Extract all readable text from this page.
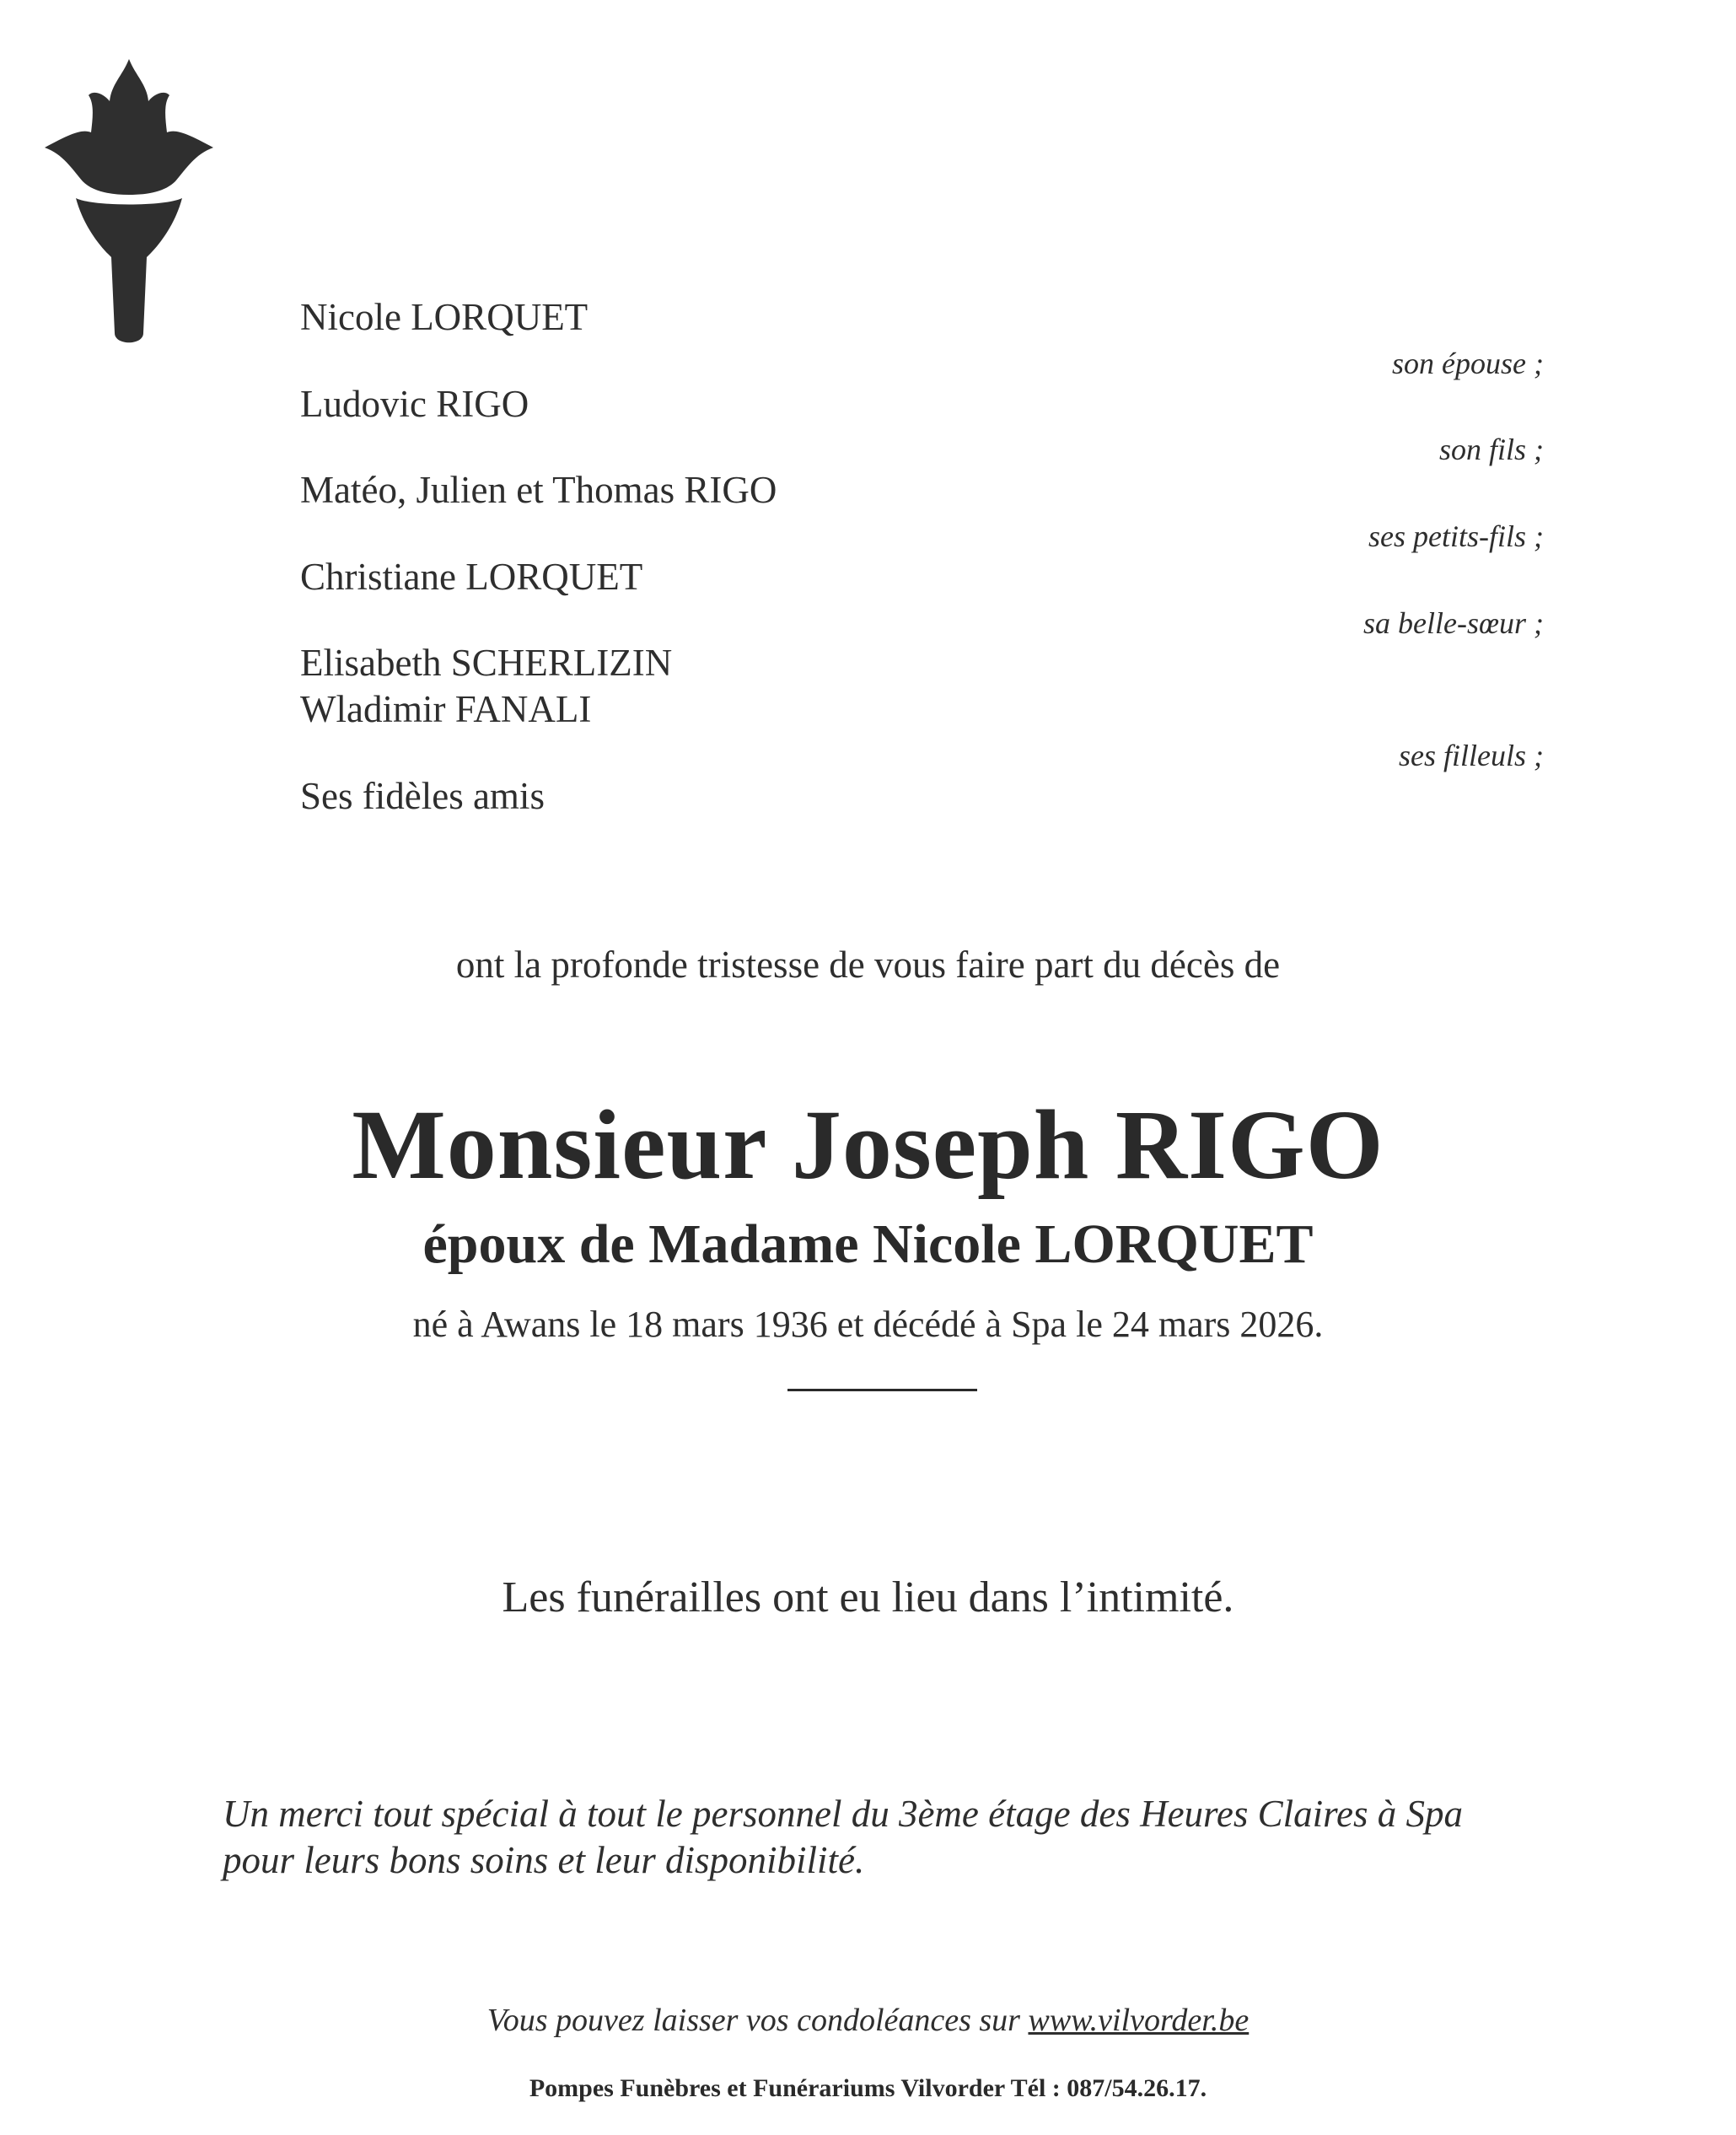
Nicole LORQUET
son épouse ;
Ludovic RIGO
son fils ;
Matéo, Julien et Thomas RIGO
ses petits-fils ;
Christiane LORQUET
sa belle-sœur ;
Elisabeth SCHERLIZIN
Wladimir FANALI
ses filleuls ;
Ses fidèles amis
ont la profonde tristesse de vous faire part du décès de
Monsieur Joseph RIGO
époux de Madame Nicole LORQUET
né à Awans le 18 mars 1936 et décédé à Spa le 24 mars 2026.
Les funérailles ont eu lieu dans l’intimité.
Un merci tout spécial à tout le personnel du 3ème étage des Heures Claires à Spa
pour leurs bons soins et leur disponibilité.
Vous pouvez laisser vos condoléances sur www.vilvorder.be
Pompes Funèbres et Funérariums Vilvorder Tél : 087/54.26.17.
